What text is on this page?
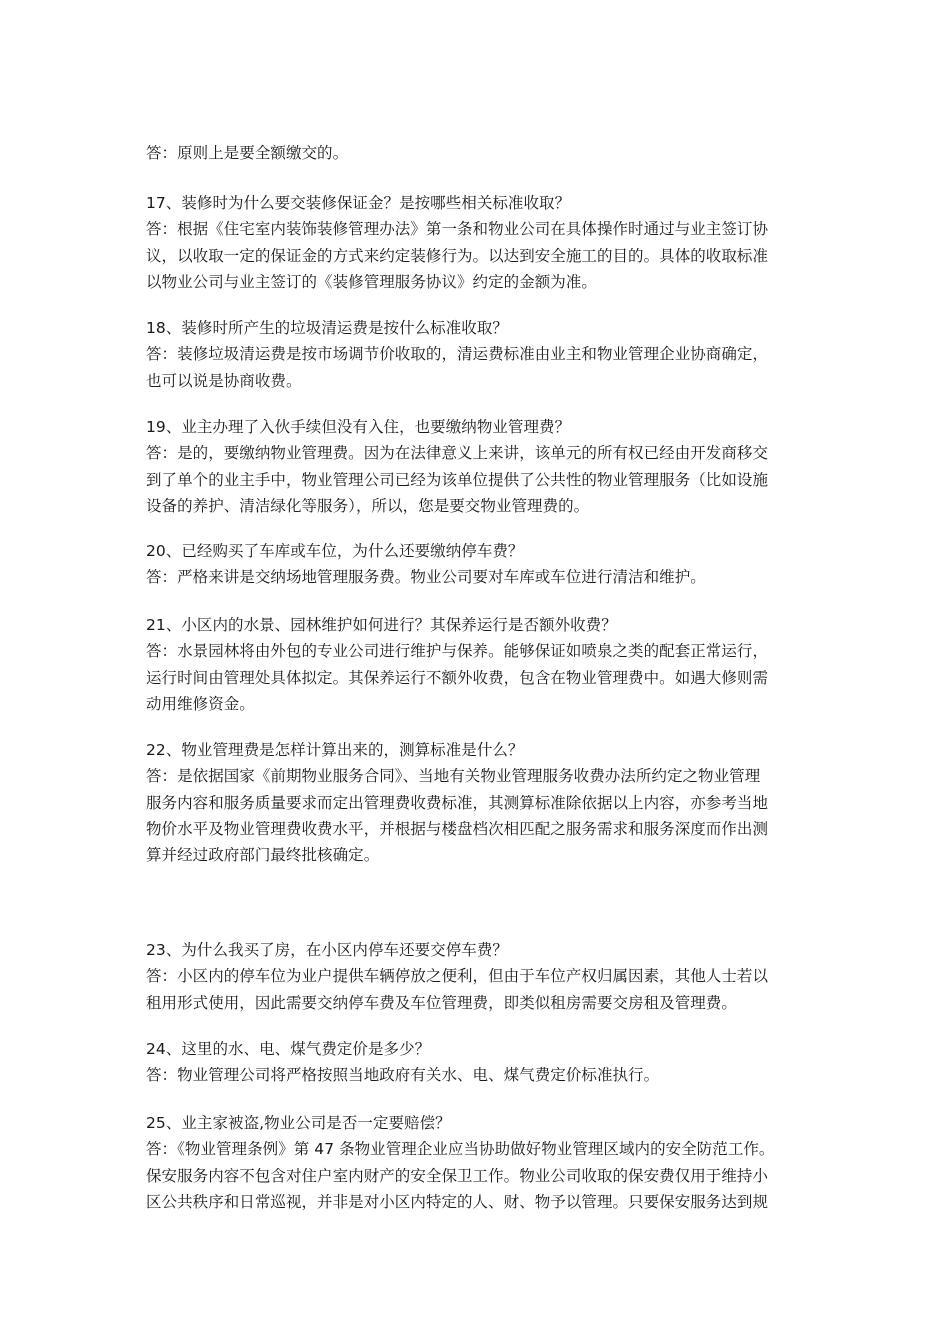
答：原则上是要全额缴交的。
17、装修时为什么要交装修保证金？是按哪些相关标准收取？
答：根据《住宅室内装饰装修管理办法》第一条和物业公司在具体操作时通过与业主签订协
议，以收取一定的保证金的方式来约定装修行为。以达到安全施工的目的。具体的收取标准
以物业公司与业主签订的《装修管理服务协议》约定的金额为准。
18、装修时所产生的垃圾清运费是按什么标准收取？
答：装修垃圾清运费是按市场调节价收取的，清运费标准由业主和物业管理企业协商确定，
也可以说是协商收费。
19、业主办理了入伙手续但没有入住，也要缴纳物业管理费？
答：是的，要缴纳物业管理费。因为在法律意义上来讲，该单元的所有权已经由开发商移交
到了单个的业主手中，物业管理公司已经为该单位提供了公共性的物业管理服务（比如设施
设备的养护、清洁绿化等服务），所以，您是要交物业管理费的。
20、已经购买了车库或车位，为什么还要缴纳停车费？
答：严格来讲是交纳场地管理服务费。物业公司要对车库或车位进行清洁和维护。
21、小区内的水景、园林维护如何进行？其保养运行是否额外收费？
答：水景园林将由外包的专业公司进行维护与保养。能够保证如喷泉之类的配套正常运行，
运行时间由管理处具体拟定。其保养运行不额外收费，包含在物业管理费中。如遇大修则需
动用维修资金。
22、物业管理费是怎样计算出来的，测算标准是什么？
答：是依据国家《前期物业服务合同》、当地有关物业管理服务收费办法所约定之物业管理
服务内容和服务质量要求而定出管理费收费标准，其测算标准除依据以上内容，亦参考当地
物价水平及物业管理费收费水平，并根据与楼盘档次相匹配之服务需求和服务深度而作出测
算并经过政府部门最终批核确定。
23、为什么我买了房，在小区内停车还要交停车费？
答：小区内的停车位为业户提供车辆停放之便利，但由于车位产权归属因素，其他人士若以
租用形式使用，因此需要交纳停车费及车位管理费，即类似租房需要交房租及管理费。
24、这里的水、电、煤气费定价是多少？
答：物业管理公司将严格按照当地政府有关水、电、煤气费定价标准执行。
25、业主家被盗,物业公司是否一定要赔偿？
答：《物业管理条例》第 47 条物业管理企业应当协助做好物业管理区域内的安全防范工作。
保安服务内容不包含对住户室内财产的安全保卫工作。物业公司收取的保安费仅用于维持小
区公共秩序和日常巡视，并非是对小区内特定的人、财、物予以管理。只要保安服务达到规
